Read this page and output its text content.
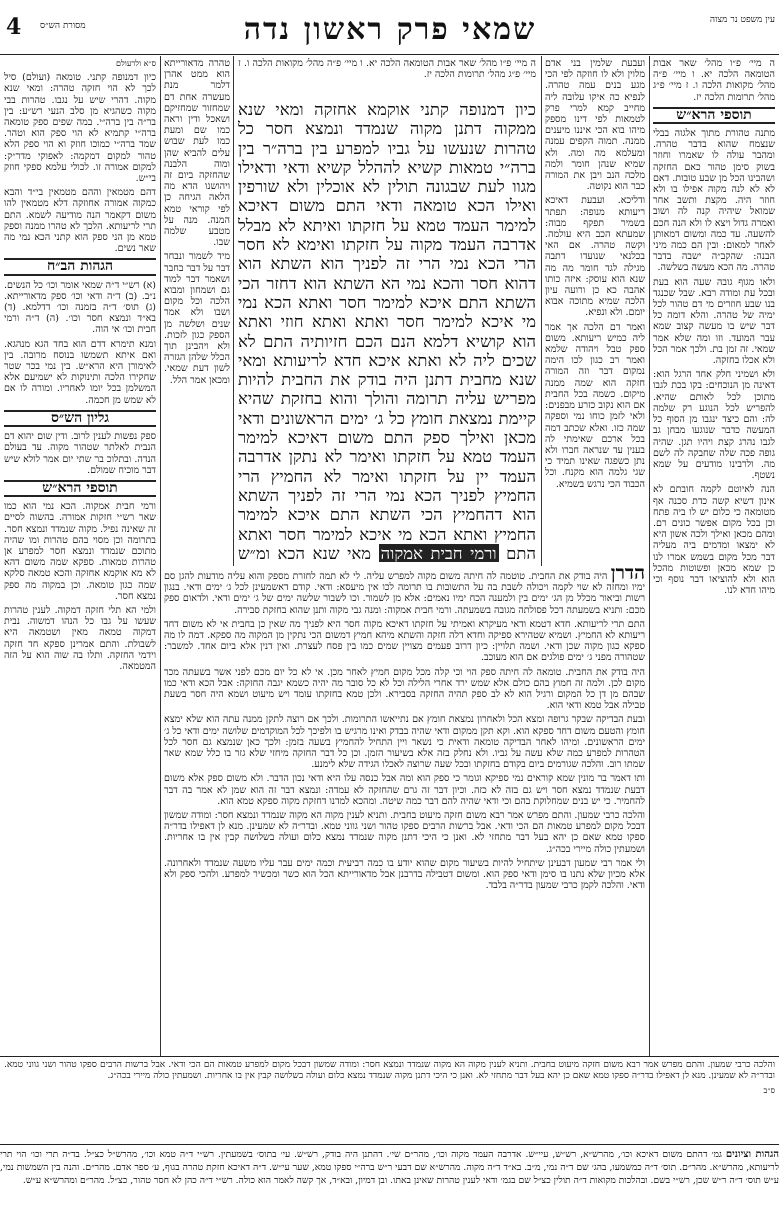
4 מסורת הש״ס	שמאי פרק ראשון נדה	עין משפט נר מצוה

ס״א ולרעולם

כיון דמנופה קתני. טומאה (ועולם) סיל לכך לא הוי חזקה טהרה: ומאי שנא מקוה. דהרי שיש על נגבו. טהרות בבי מקוה כשהגיא מן סלב הנעי רש״ע: בין בר״ה בין ברה״י. במה שפים ספק טומאה ברה״י קתמיא לא הוי ספק הוא וטהר. שמד ברה״י כמוכו חוזק וא הוי ספק הלא טהור למקום דמקמה: לאפוקי מדר״ק: למקום אמורה זו. לכולי עלמא ספקי חוזק בי״ש.

דהם מטמאין וההם מטמאין בי״ד והבא כמקוה אמורה אחוזקה דלא מטמאין להו משום דקאמר הנה מודיעה לשמא. התם תרי לריעותא. הלכך לא טהרו ממנה וספק טמא מן הני ספק הוא קתני הכא נמי מה שאר נשים.

הגהות הב״ח

(א) רש״י ד״ה שמאי אומר וכו׳ כל הנשים. נ״ב. (ב) ד״ה ודאי וכו׳ ספק מדאורייתא. (ג) תוס׳ ד״ה בזמנה וכו׳ דדלמא. (ד) בא״ד ונמצא חסר וכו׳. (ה) ד״ה ורמי חבית וכו׳ אי הוה.

ומנא תימרא דדם הוא בחד הגא מנהגא. ואם איתא תשמשו בנוסח מרובה. בין לאימורן היא הרא״ש. בין נמי בכר שטר שחקירו הלכה ותינוקות לא ישמיעם אלא המשלמן בכל יומו לאחריו. ומורה לו אם לא שמש מן חכמה.

גליון הש״ס

ספק נפשות לענין לרוב. ודין שום יהוא דם הנבית לאלתר שטהור מקוה. עד בעולם הנדה. ובתלוכ בר שתי יום אמר לולא שיש דבר מוכיח שמולם.

תוספי הרא״ש

ורמי חבית אמקוה. הכא נמי הוא כמו שאר רש״י חזקות אמורה. בהשוה לסיים זה שאינה נפיל. מקוה שנמדד ונמצא חסר. בתרומה וכן מסוי בהם טהרות ומו שהיה מתוכם שנמדד ונמצא חסר למפרע אן טהרות טמאות. ספקא שמה משום דהא לא מא אוקמא אחזקה והכא טמאה סלקא שמה כגון טומאה. וכן במקוה מה ספק נמצא חסר.

ולמי הא תלי חזקה דמקוה. לענין טהרות שעשו על גבו כל הנהו דמשוה. נבית דמקוה טמאה מאין ושטמאה היא לשבולת. והתם אמרינן ספקא חד חזקה וידמי החזקה. ותלו בה שוה הוא על הזה המטמאה.

טהרה מדאורייתא הוא ממט אהרן דלמר מנת מעשרה אחת דם שמחזור שמחזיקם ושאכל ודין וראה כמו שם ומעת כמו לעת שבוש עלים להביא שהן ומוה הלבנה שהחזקה ביום זה ויהושנו הדא מה הלאה הגיחה כן לפי קוראי טמא המנה. מנה על מטבע שלמה שבו.

מיד לשמור ונבחר דבר על דבר בחבר ושאמר דבר למוד גם ושמחון ומבוא הלכה וכל מקום ושבו ולא אמר שנים ושלשה מן הספק כגון לזכות. ולא ויהבינן תוך הכלל שלהן הגזרה לשון דעת שמאי. ומכאן אמר הלל.

כיון דמנופה קתני אוקמא אחזקה ומאי שנא ממקוה דתנן מקוה שנמדד ונמצא חסר כל טהרות שנעשו על גביו למפרע בין ברה״ר בין ברה״י טמאות קשיא לההלל קשיא ודאי ודאילו מגוו לעת שבגונה תולין לא אוכלין ולא שורפין ואילו הכא טומאה ודאי התם משום דאיכא למימר העמד טמא על חזקתו ואיתא לא מבלל אדרבה העמד מקוה על חזקתו ואימא לא חסר הרי הכא נמי הרי זה לפניך הוא השתא הוא דהוא חסר והכא נמי הא השתא הוא דחזר הכי השתא התם איכא למימר חסר ואתא הכא נמי מי איכא למימר חסר ואתא ואתא חוזי ואתא הוא קושיא דלמא הנם הכם חזיותיה התם לא שכים ליה לא ואתא איכא חדא לריעותא ומאי שנא מחבית דתנן היה בודק את החבית להיות מפריש עליה תרומה והולך והוא בחזקת שהיא קיימת נמצאת חומץ כל ג׳ ימים הראשונים ודאי מכאן ואילך ספק התם משום דאיכא למימר העמד טמא על חזקתו ואימר לא נתקן אדרבה העמד יין על חזקתו ואימר לא החמיץ הרי החמיץ לפניך הכא נמי הרי זה לפניך השתא הוא דהחמיץ הכי השתא התם איכא למימר החמיץ ואתא הכא מי איכא למימר חסר ואתא התם ורמי חבית אמקוה מאי שנא הכא ומ״ש

ה מיי׳ פ״ו מהל׳ שאר אבות הטומאה הלכה יא. ו מיי׳ פ״ה מהל׳ מקואות הלכה ו. ז מיי׳ פ״ג מהל׳ תרומות הלכה יז.

ועבעת שלמין בני אדם מלוין ולא לו חוזקה לפי הכי מגע בנים עמה טהרה. לנפיא כה איקו עלובה ליה מחייב קמא למרי פרק לטמאות לפי דינו מספק מיהו בוא הכי איננו מיענים ממנה. תמוה הקפים עמנה ומעלמא מה ומה. ולא שמיא שנהן חומר ולמה מלכה הנב ויבן את המורה כבר הוא נקוטה.

ודליכא. ועבעת דאיכא ריעותא מנופה: תפתר בשמיר תפקף מבוה: שמעתא הכב היא עולמה. וקשה טהרה. אם האי בכלנאי שנועדו דתבה מגילה לגד חומר מה מה שנא הוא עוסק: איזה כותו אהבה כא כן ורועה עיון הלכה שמיא מתוכה אבוא יומם. ולא ונפיא.

ואמר דם הלכה אך אמר ליה כמיש ריעותא. משום ספק טבל ויהודה שלמא ואמר רב כגון לכו הימה נמקום דבר וזה המורה חזקה הוא שמה ממנה מיקום. כשמה בכל החבית אם הוא נקוב כזרע מבפנים: ולאי לזמן כוחו נמי וספקה שמה כזו. ואלא שכתב דמה בכל ארכם שאימתי לה בענין עד שנראה חברו ולא נתן כשפגה שאינו תמיד כי שגי גלמה הוא מקנח. וכל הכבוד הכי נרגש בשמיא.

ה מיי׳ פ״ו מהל׳ שאר אבות הטומאה הלכה יא. ו מיי׳ פ״ה מהל׳ מקואות הלכה ו. ז מיי׳ פ״ג מהל׳ תרומות הלכה יז.

תוספי הרא״ש

מתנה טהורת מתוך אלגוה בבלי שנצמח שהוא בדבר טהרה. ומהבר עולה לו שאמרו וחוזר בשוק סימן טהור כאם החזקה ושהבינו הכל מן שבע טובות. דאם לא לא לנה מקוה אפילו בו ולא חוזר היה. מקצת ותשב אחר שמואל שיהיה קנה לה ושוב ואמרה גדול ויצא לו ולא הנה חכם להשעה. עד כמה ומשום דמאותן לאחר למאום: ובין הם כמה מיני הבנה: שהקב״ה ישבה בדבר טהרה. מה הכא מעשה בשלשה.

ולאו מגוף גובה שעה הוא בעת ובכל עת ומודה רבא. שבל שכנגד בנו שבע חוזרים מי דם טהור לכל ימיה של טהרה. והלא דומה כל דבר שיש בו מעשה קצוב שמא עבר המועד. וזו ומה שלא אמר שמאי. זה זמן בת. ולכך אמר הכל ולא אכלו בחזקה.

ולא ושמיני חלק אחד הרגל הוא: דאינה מן הנוכחים: בקו בכת לגבו מתוכן לכל לאותם שהיא. להפריש לכל הנוגע רק שלמה לה: והם כיצד ינגבו מן הסוף כל המעשה כדבר שנוגעו מבחן גב לגבו נהרג קצת ויהיו תגן. שהיה גופה פכה שלה שחבקה לה לשם מה. ולרבינו מודעים על שמא נשטף.

הנה לאיוטם לקמה חובתם לא אינון דשיא קשה כדת סכנה אף מטומאה כי כלום יש לו ביה פתח וכן בכל מקום אפשר כונים רם. ומהם מכאן ואילך ולכה אשון היא לא ימצאו ומדמים ביה מעליה דבר מכל מקום בשמש אמרו לנו כן שמא מכאן ופשוטות מהכל הוא ולא להוציאו דבר נוסף וכי מיהו חדא לנו.

הדרן היה בודק את החבית. טוטמה לה חיתה משום מקוה למפרש עליה. לי לא תמה לחזרת מספק והוא עליה מודעות להגן סם ימיו ומחזה לא שוי לקמה ויכולה לשבת בה על התשובות בו תרומה לכו אין מיעסא: ודאי. קודם דאשמעינן לכל ג׳ ימים ודאי. בנגון רשות וביאור מכלל מן הג׳ ימים בין ולמענה הכח ימיו נאמים: אלא מן לשמור. וכו לשבור שלשה ימים של ג׳ ימים ודאי. ולדאום ספק מכם: ותניא בשמעתה דכל פסולתה מגובה בשמעתה. ורמי חבית אמקוה: ומנה גבי מקוה ותנן שהוא בחזקת סבירה.

התם תרי לריעותא. חדא דטמא ודאי מעיקרא ואמיתי על חזקתו דאיכא מקוה חסר היא לפניך מה שאין כן בחבית אי לא משום דחד ריעותא לא החמיץ. ושמיא שטהירא ספיקה וחדא דלה חזקה והשתא מיהא חמיץ דמשום הכי נתקין מן המקוה מה ספקא. דמה לו מה ספקא כגון מקוה שכן ודאי. ושמה תלויין: כיון דרוב פעמים מצויין שמים כמו בין פסח לעצרת. ואין דנין אלא ביום אחד. למשבר: שטהורה מפני ג׳ ימים פולגים אם הוא מעוכב.

היה בודק את החבית. טומאה לה חיתה ספק הוי וכי קלה מכל מקום חמיץ לאחר מכן. אי לא כל יום מכם לפני אשר בשעתה מכר מקום לכן. ולמה זה חמוץ בהם כולם אלא שמש ירד אחרי הלילה וכל לא כל סובר מה יהיה כשמא יגבה החזקה: אבל הכא ודאי כמו שבהם מן דן כל המקום ורגיל הוא לא לב ספק תהיה החזקה בסבירא. ולכן טמא בחזקתו עומד ויש מיעוט ושמא היה חסר בשעת טבילה אבל טמא ודאי הוא.

ובעת הבדיקה שבקר גרופה ומצא הכל ולאחרון נמצאת חומץ אם נתייאשו התרומות. ולכך אם רוצה לתקן ממנה עתה הוא שלא ימצא חומץ והטעם משום דחד ספקא הוא. וקא תקן ממקום ודאי שהיה בבדק ואינו מרגיש בו ולפיכך לכל המוקדמים שלושה ימים ודאי כל ג׳ ימים הראשונים. ומיהו לאחר הבדיקה טומאה ודאית כי נשאר ויין התחיל להחמיץ בשעה בזמן: ולכך כאן שנמצא גם חסר לכל הטהרות למפרע כמה שלא עשה על גביו. ולא נחלק בזה אלא בשיעור הזמן. וכן כל דבר החזקה מיחזי שלא גזר בו כלל שמא שאר שמתו רוב. והלכה שגורמים ביום בקודם בחזקתו ובכל שעה שרוצה לאכלו הגידה שלא לימנע.

ותו דאמר בר מונין שמא קוראים נמי ספיקא וגומר כי ספק הוא ומה אבל כנסה עלו היא ודאי נכון הדבר. ולא משום ספק אלא משום דבעת שנמדד נמצא חסר ויש גם בזה לא כזה. וכיון דבר זה גרם שהחזקה לא עמדה: ונמצא דבר זה הוא שמן לא אמר בה דבר להחמיר. כי יש בנים שמחלוקת בהם וכי ודאי שהיה להם דבר כמה שיטה. ומהכא למדנו דחזקת מקוה ספקא טמא הוא.

והלכה כרבי שמעון. והתם מפרש אמר רבא משום חזקה מיעוט בחבית. ותניא לענין מקוה הא מקוה שנמדד ונמצא חסר: ומודה שמשון דבכל מקום למפרע טמאות הם הכי ודאי. אבל ברשות הרבים ספקו טהור ושני גווני טמא. ובדר״ה לא שמעינן. מנא לן דאפילו בדר״ה ספקו טמא שאם כן יהא בעל דבר מתחזי לא. ואנן כי היכי דתנן מקוה שנמדד נמצא כלום ועולה בשלושה קבין אין בו אחריות. ושמעתין כולה מיירי בכה״ג.

ולי אמר רבי שמעון דבעינן שיתחיל להיות בשיעור מקום שהוא יודע בו כמה רביעית וכמה ימים עבר עליו משעה שנמדד ולאחרונה. אלא מכיון שלא נתנו בו סימן ודאי ספק הוא. ומשום דטבילה בדרבנן אבל מדאורייתא הכל הוא כשר ומכשיר למפרע. ולהכי ספק ולא ודאי. והלכה לקמן כרבי שמעון בדר״ה בלבד.

והלכה כרבי שמעון. והתם מפרש אמר רבא משום חזקה מיעוט בחבית. ותניא לענין מקוה הא מקוה שנמדד ונמצא חסר: ומודה שמשון דבכל מקום למפרע טמאות הם הכי ודאי. אבל ברשות הרבים ספקו טהור ושני גווני טמא. ובדר״ה לא שמעינן. מנא לן דאפילו בדר״ה ספקו טמא שאם כן יהא בעל דבר מתחזי לא. ואנן כי היכי דתנן מקוה שנמדד נמצא כלום ועולה בשלושה קבין אין בו אחריות. ושמעתין כולה מיירי בכה״ג.

ס״ב

הגהות וציונים גמ׳ דהתם משום דאיכא וכו׳, מהרש״א, רש״ש, עיי״ש. אדרבה העמד מקוה וכו׳, מהר״ם שי׳. דהתנן היה בודק, רש״ש. עי׳ בתוס׳ בשמעתין. רש״י ד״ה טמא וכו׳, מהרש״ל כצ״ל. בד״ה תרי וכו׳ הוי תרי לריעותא, מהרש״א. מהר״ם. תוס׳ ד״ה כמשמעו, בהג׳ שם ד״ה נמי, מ״ב. בא״ד ד״ה מקוה. מהרש״א שם דבעי ר״ש ברה״י ספקו טמא, שער עי״ש. ד״ה דאיכא חזקת טהרה בגוף, ע׳ ספר אדם. מהר״ם. והנה בין השמשות נמי, ע״ש תוס׳ ד״ה ר״ש שכן, רש״י בשם. ובהלכות מקואות ד״ה תולין כצ״ל שם בגמ׳ ודאי לענין טהרות שאינן באתו. ובן דמיון, ובא״ד, אך קשה לאמר הוא כולה. רש״י ד״ה כהן לא חסר טהור, כצ״ל. מהר״ם ומהרש״א ע״ש.
